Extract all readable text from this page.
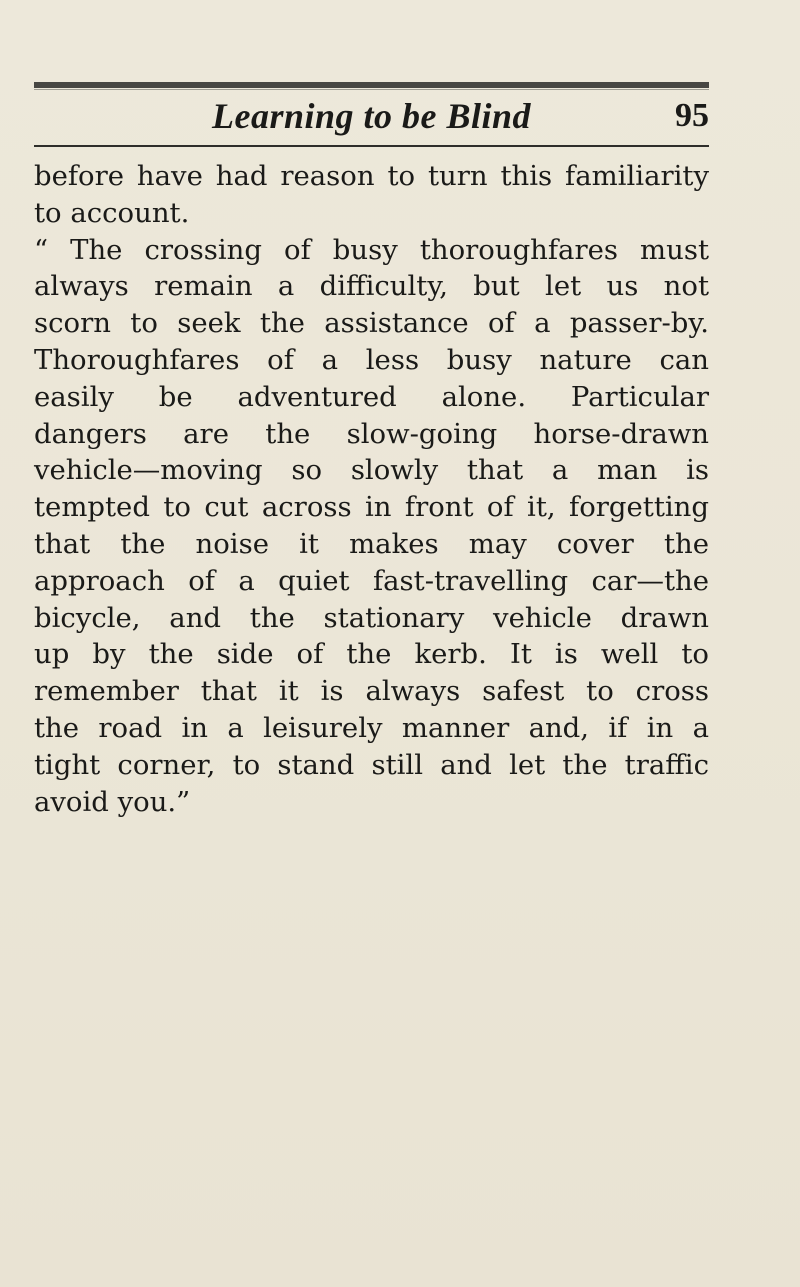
Learning to be Blind	95
before have had reason to turn this familiarity
to account.
“ The crossing of busy thoroughfares must
always remain a difficulty, but let us not
scorn to seek the assistance of a passer-by.
Thoroughfares of a less busy nature can
easily be adventured alone. Particular
dangers are the slow-going horse-drawn
vehicle—moving so slowly that a man is
tempted to cut across in front of it, forgetting
that the noise it makes may cover the
approach of a quiet fast-travelling car—the
bicycle, and the stationary vehicle drawn
up by the side of the kerb. It is well to
remember that it is always safest to cross
the road in a leisurely manner and, if in a
tight corner, to stand still and let the traffic
avoid you.”
